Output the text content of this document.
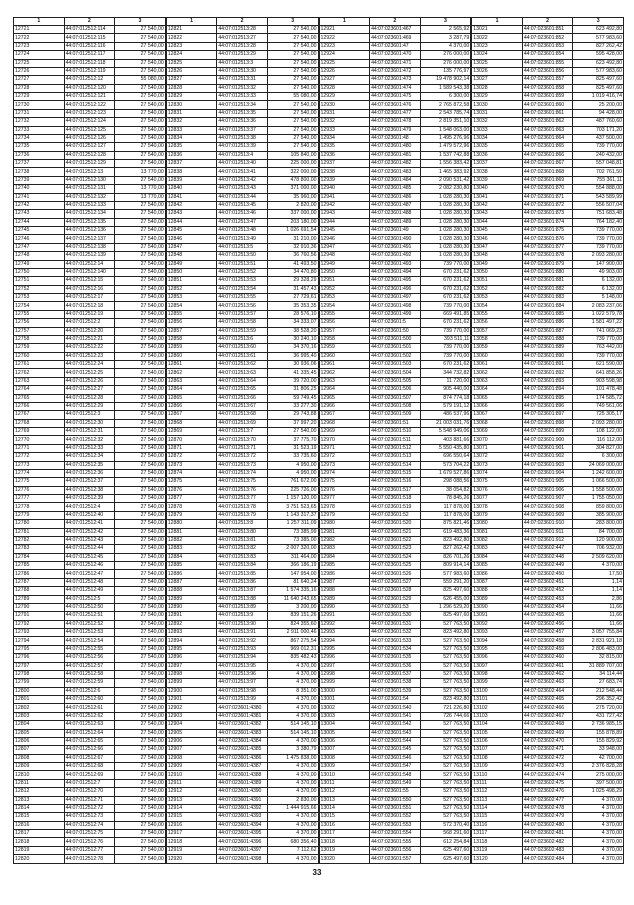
1	2	3
12721	44:07:012512:114	27 540,00
12722	44:07:012512:115	27 540,00
12723	44:07:012512:116	27 540,00
12724	44:07:012512:117	27 540,00
12725	44:07:012512:118	27 540,00
12726	44:07:012512:119	27 540,00
12727	44:07:012512:12	55 080,00
12728	44:07:012512:120	27 540,00
12729	44:07:012512:121	27 540,00
12730	44:07:012512:122	27 540,00
12731	44:07:012512:123	27 540,00
12732	44:07:012512:124	27 540,00
12733	44:07:012512:125	27 540,00
12734	44:07:012512:126	27 540,00
12735	44:07:012512:127	27 540,00
12736	44:07:012512:128	27 540,00
12737	44:07:012512:129	27 540,00
12738	44:07:012512:13	13 770,00
12739	44:07:012512:130	27 540,00
12740	44:07:012512:131	13 770,00
12741	44:07:012512:132	13 770,00
12742	44:07:012512:133	27 540,00
12743	44:07:012512:134	27 540,00
12744	44:07:012512:135	27 540,00
12745	44:07:012512:136	27 540,00
12746	44:07:012512:137	27 540,00
12747	44:07:012512:138	27 540,00
12748	44:07:012512:139	27 540,00
12749	44:07:012512:14	27 540,00
12750	44:07:012512:140	27 540,00
12751	44:07:012512:15	27 540,00
12752	44:07:012512:16	27 540,00
12753	44:07:012512:17	27 540,00
12754	44:07:012512:18	27 540,00
12755	44:07:012512:19	27 540,00
12756	44:07:012512:2	27 540,00
12757	44:07:012512:20	27 540,00
12758	44:07:012512:21	27 540,00
12759	44:07:012512:22	27 540,00
12760	44:07:012512:23	27 540,00
12761	44:07:012512:24	27 540,00
12762	44:07:012512:25	27 540,00
12763	44:07:012512:26	27 540,00
12764	44:07:012512:27	27 540,00
12765	44:07:012512:28	27 540,00
12766	44:07:012512:29	27 540,00
12767	44:07:012512:3	27 540,00
12768	44:07:012512:30	27 540,00
12769	44:07:012512:31	27 540,00
12770	44:07:012512:32	27 540,00
12771	44:07:012512:33	27 540,00
12772	44:07:012512:34	27 540,00
12773	44:07:012512:35	27 540,00
12774	44:07:012512:36	27 540,00
12775	44:07:012512:37	27 540,00
12776	44:07:012512:38	27 540,00
12777	44:07:012512:39	27 540,00
12778	44:07:012512:4	27 540,00
12779	44:07:012512:40	27 540,00
12780	44:07:012512:41	27 540,00
12781	44:07:012512:42	27 540,00
12782	44:07:012512:43	27 540,00
12783	44:07:012512:44	27 540,00
12784	44:07:012512:45	27 540,00
12785	44:07:012512:46	27 540,00
12786	44:07:012512:47	27 540,00
12787	44:07:012512:48	27 540,00
12788	44:07:012512:49	27 540,00
12789	44:07:012512:5	27 540,00
12790	44:07:012512:50	27 540,00
12791	44:07:012512:51	27 540,00
12792	44:07:012512:52	27 540,00
12793	44:07:012512:53	27 540,00
12794	44:07:012512:54	27 540,00
12795	44:07:012512:55	27 540,00
12796	44:07:012512:56	27 540,00
12797	44:07:012512:57	27 540,00
12798	44:07:012512:58	27 540,00
12799	44:07:012512:59	27 540,00
12800	44:07:012512:6	27 540,00
12801	44:07:012512:60	27 540,00
12802	44:07:012512:61	27 540,00
12803	44:07:012512:62	27 540,00
12804	44:07:012512:63	27 540,00
12805	44:07:012512:64	27 540,00
12806	44:07:012512:65	27 540,00
12807	44:07:012512:66	27 540,00
12808	44:07:012512:67	27 540,00
12809	44:07:012512:68	27 540,00
12810	44:07:012512:69	27 540,00
12811	44:07:012512:7	27 540,00
12812	44:07:012512:70	27 540,00
12813	44:07:012512:71	27 540,00
12814	44:07:012512:72	27 540,00
12815	44:07:012512:73	27 540,00
12816	44:07:012512:74	27 540,00
12817	44:07:012512:75	27 540,00
12818	44:07:012512:76	27 540,00
12819	44:07:012512:77	27 540,00
12820	44:07:012512:78	27 540,00
1	2	3
12821	44:07:012513:28	27 540,00
12822	44:07:012513:27	27 540,00
12823	44:07:012513:28	27 540,00
12824	44:07:012513:29	27 540,00
12825	44:07:012513:3	27 540,00
12826	44:07:012513:30	27 540,00
12827	44:07:012513:31	27 540,00
12828	44:07:012513:32	27 540,00
12829	44:07:012513:33	55 080,00
12830	44:07:012513:34	27 540,00
12831	44:07:012513:35	27 540,00
12832	44:07:012513:36	27 540,00
12833	44:07:012513:37	27 540,00
12834	44:07:012513:38	27 540,00
12835	44:07:012513:39	27 540,00
12836	44:07:012513:4	105 840,00
12837	44:07:012513:40	225 000,00
12838	44:07:012513:41	322 000,00
12839	44:07:012513:42	478 800,00
12840	44:07:012513:43	371 000,00
12841	44:07:012513:44	35 960,00
12842	44:07:012513:45	2 820,00
12843	44:07:012513:46	337 000,00
12844	44:07:012513:47	203 180,00
12845	44:07:012513:48	1 026 691,54
12846	44:07:012513:49	31 210,00
12847	44:07:012513:5	32 910,36
12848	44:07:012513:50	36 760,56
12849	44:07:012513:51	41 493,50
12850	44:07:012513:52	34 470,80
12851	44:07:012513:53	29 328,29
12852	44:07:012513:54	31 457,43
12853	44:07:012513:55	27 729,61
12854	44:07:012513:56	35 353,35
12855	44:07:012513:57	28 576,10
12856	44:07:012513:58	34 333,07
12857	44:07:012513:59	38 528,20
12858	44:07:012513:6	30 240,10
12859	44:07:012513:60	34 370,16
12860	44:07:012513:61	36 995,40
12861	44:07:012513:62	30 936,06
12862	44:07:012513:63	41 335,45
12863	44:07:012513:64	39 720,00
12864	44:07:012513:65	31 806,25
12865	44:07:012513:66	59 749,45
12866	44:07:012513:67	33 277,30
12867	44:07:012513:68	29 743,88
12868	44:07:012513:69	37 997,20
12869	44:07:012513:7	27 540,00
12870	44:07:012513:70	37 775,70
12871	44:07:012513:71	31 523,19
12872	44:07:012513:72	33 735,60
12873	44:07:012513:73	4 950,00
12874	44:07:012513:74	4 950,00
12875	44:07:012513:75	761 672,00
12876	44:07:012513:76	225 726,00
12877	44:07:012513:77	1 157 120,00
12878	44:07:012513:78	3 751 523,65
12879	44:07:012513:79	1 143 317,37
12880	44:07:012513:8	1 257 311,09
12881	44:07:012513:80	73 385,99
12882	44:07:012513:81	73 385,00
12883	44:07:012513:82	2 007 320,00
12884	44:07:012513:83	311 464,00
12885	44:07:012513:84	366 186,19
12886	44:07:012513:85	147 954,00
12887	44:07:012513:86	81 640,24
12888	44:07:012513:87	1 574 335,16
12889	44:07:012513:88	11 640 243,65
12890	44:07:012513:89	3 200,00
12891	44:07:012513:9	839 151,26
12892	44:07:012513:90	824 355,60
12893	44:07:012513:91	2 911 000,46
12894	44:07:012513:92	867 275,54
12895	44:07:012513:93	969 012,31
12896	44:07:012513:94	835 482,43
12897	44:07:012513:95	4 370,00
12898	44:07:012513:96	4 370,00
12899	44:07:012513:97	4 370,00
12900	44:07:012513:98	8 351,00
12901	44:07:012513:99	4 370,00
12902	44:07:023601:4380	4 370,00
12903	44:07:023601:4381	4 370,00
12904	44:07:023601:4382	514 145,10
12905	44:07:023601:4383	514 145,10
12906	44:07:023601:4384	4 370,00
12907	44:07:023601:4385	3 380,79
12908	44:07:023601:4386	1 475 838,00
12909	44:07:023601:4387	4 370,00
12910	44:07:023601:4388	4 370,00
12911	44:07:023601:4389	4 370,00
12912	44:07:023601:4390	4 370,00
12913	44:07:023601:4391	2 830,00
12914	44:07:023601:4392	1 444 915,66
12915	44:07:023601:4393	4 370,00
12916	44:07:023601:4394	4 370,00
12917	44:07:023601:4395	4 370,00
12918	44:07:023601:4396	680 356,40
12919	44:07:023601:4397	7 112,62
12920	44:07:023601:4398	4 370,00
1	2	3
12921	44:07:023601:467	2 565,92
12922	44:07:023601:469	3 287,79
12923	44:07:023601:47	4 370,00
12924	44:07:023601:470	276 000,00
12925	44:07:023601:471	276 000,00
12926	44:07:023601:472	135 776,97
12927	44:07:023601:473	19 478 902,14
12928	44:07:023601:474	1 589 543,38
12929	44:07:023601:475	6 300,00
12930	44:07:023601:476	2 765 872,58
12931	44:07:023601:477	2 543 785,74
12932	44:07:023601:478	2 819 351,10
12933	44:07:023601:479	1 548 063,00
12934	44:07:023601:48	1 495 276,96
12935	44:07:023601:480	1 479 572,96
12936	44:07:023601:481	1 537 742,88
12937	44:07:023601:482	1 556 383,42
12938	44:07:023601:483	1 465 383,92
12939	44:07:023601:484	2 090 531,42
12940	44:07:023601:485	2 082 230,80
12941	44:07:023601:486	1 028 280,30
12942	44:07:023601:487	1 028 280,30
12943	44:07:023601:488	1 028 280,30
12944	44:07:023601:489	1 028 280,30
12945	44:07:023601:49	1 028 280,30
12946	44:07:023601:490	1 028 280,30
12947	44:07:023601:491	1 028 280,30
12948	44:07:023601:492	1 028 280,30
12949	44:07:023601:493	739 770,00
12950	44:07:023601:494	670 231,62
12951	44:07:023601:495	670 231,62
12952	44:07:023601:496	670 231,62
12953	44:07:023601:497	670 231,62
12954	44:07:023601:498	739 770,00
12955	44:07:023601:499	669 491,85
12956	44:07:023601:5	670 231,62
12957	44:07:023601:50	739 770,00
12958	44:07:023601:500	393 511,11
12959	44:07:023601:501	739 770,00
12960	44:07:023601:502	739 770,00
12961	44:07:023601:503	670 231,62
12962	44:07:023601:504	344 732,82
12963	44:07:023601:505	11 720,00
12964	44:07:023601:506	905 440,00
12965	44:07:023601:507	874 774,18
12966	44:07:023601:508	579 191,12
12967	44:07:023601:509	486 537,96
12968	44:07:023601:51	21 003 031,76
12969	44:07:023601:510	5 548 949,06
12970	44:07:023601:511	403 881,66
12971	44:07:023601:512	5 550 435,80
12972	44:07:023601:513	696 550,64
12973	44:07:023601:514	573 704,22
12974	44:07:023601:515	1 679 527,86
12975	44:07:023601:516	298 088,56
12976	44:07:023601:517	38 054,82
12977	44:07:023601:518	78 845,26
12978	44:07:023601:519	117 878,00
12979	44:07:023601:52	117 878,00
12980	44:07:023601:520	875 821,46
12981	44:07:023601:521	619 483,36
12982	44:07:023601:522	823 492,80
12983	44:07:023601:523	827 262,42
12984	44:07:023601:524	826 701,26
12985	44:07:023601:525	809 914,14
12986	44:07:023601:526	577 983,60
12987	44:07:023601:527	559 291,20
12988	44:07:023601:528	825 497,60
12989	44:07:023601:529	626 455,00
12990	44:07:023601:53	1 296 529,20
12991	44:07:023601:530	825 497,60
12992	44:07:023601:531	527 763,50
12993	44:07:023601:532	823 492,80
12994	44:07:023601:533	527 763,50
12995	44:07:023601:534	527 763,50
12996	44:07:023601:535	527 763,50
12997	44:07:023601:536	527 763,50
12998	44:07:023601:537	527 763,50
12999	44:07:023601:538	527 763,50
13000	44:07:023601:539	527 763,50
13001	44:07:023601:54	823 492,80
13002	44:07:023601:540	721 226,80
13003	44:07:023601:541	726 744,66
13004	44:07:023601:542	527 763,50
13005	44:07:023601:543	527 763,50
13006	44:07:023601:544	527 763,50
13007	44:07:023601:545	527 763,50
13008	44:07:023601:546	527 763,50
13009	44:07:023601:547	527 763,50
13010	44:07:023601:548	527 763,50
13011	44:07:023601:549	527 763,50
13012	44:07:023601:55	527 763,50
13013	44:07:023601:550	527 763,50
13014	44:07:023601:551	527 763,50
13015	44:07:023601:552	527 763,50
13016	44:07:023601:553	572 370,40
13017	44:07:023601:554	568 291,60
13018	44:07:023601:555	612 254,84
13019	44:07:023601:556	625 497,60
13020	44:07:023601:557	625 497,60
1	2	3
13021	44:07:023601:851	623 492,80
13022	44:07:023601:852	577 983,60
13023	44:07:023601:853	827 262,42
13024	44:07:023601:854	595 428,00
13025	44:07:023601:855	623 492,80
13026	44:07:023601:856	577 983,60
13027	44:07:023601:857	825 497,60
13028	44:07:023601:858	825 497,60
13029	44:07:023601:859	1 019 416,74
13030	44:07:023601:860	25 200,00
13031	44:07:023601:861	94 428,00
13032	44:07:023601:862	487 760,60
13033	44:07:023601:863	703 171,20
13034	44:07:023601:864	437 500,00
13035	44:07:023601:865	739 770,00
13036	44:07:023601:866	240 432,00
13037	44:07:023601:867	557 048,81
13038	44:07:023601:868	702 761,50
13039	44:07:023601:869	755 361,11
13040	44:07:023601:870	554 888,00
13041	44:07:023601:871	543 589,99
13042	44:07:023601:872	556 507,04
13043	44:07:023601:873	751 683,48
13044	44:07:023601:874	764 182,40
13045	44:07:023601:875	739 770,00
13046	44:07:023601:876	739 770,00
13047	44:07:023601:877	739 770,00
13048	44:07:023601:878	2 093 280,00
13049	44:07:023601:879	147 900,00
13050	44:07:023601:880	49 903,00
13051	44:07:023601:881	6 132,00
13052	44:07:023601:882	6 132,00
13053	44:07:023601:883	5 148,00
13054	44:07:023601:884	2 083 237,06
13055	44:07:023601:885	1 022 579,78
13056	44:07:023601:886	1 581 497,22
13057	44:07:023601:887	741 069,23
13058	44:07:023601:888	739 770,00
13059	44:07:023601:889	763 442,00
13060	44:07:023601:890	739 770,00
13061	44:07:023601:891	621 590,00
13062	44:07:023601:892	641 858,26
13063	44:07:023601:893	903 598,98
13064	44:07:023601:894	101 478,48
13065	44:07:023601:895	174 585,72
13066	44:07:023601:896	749 561,06
13067	44:07:023601:897	725 305,17
13068	44:07:023601:898	2 093 280,00
13069	44:07:023601:899	108 122,00
13070	44:07:023601:900	116 112,00
13071	44:07:023601:901	304 827,00
13072	44:07:023601:902	6 300,00
13073	44:07:023601:903	24 069 000,00
13074	44:07:023601:904	1 242 600,00
13075	44:07:023601:905	1 066 500,00
13076	44:07:023601:906	1 558 500,00
13077	44:07:023601:907	1 755 050,00
13078	44:07:023601:908	859 800,00
13079	44:07:023601:909	385 900,00
13080	44:07:023601:910	283 800,00
13081	44:07:023601:911	84 700,00
13082	44:07:023601:912	120 900,00
13083	44:07:023602:447	706 932,00
13084	44:07:023602:448	2 509 620,00
13085	44:07:023602:449	4 370,00
13086	44:07:023602:450	17,50
13087	44:07:023602:451	1,14
13088	44:07:023602:452	1,14
13089	44:07:023602:453	2,86
13090	44:07:023602:454	11,66
13091	44:07:023602:455	11,66
13092	44:07:023602:456	11,66
13093	44:07:023602:457	3 057 755,84
13094	44:07:023602:458	2 831 921,18
13095	44:07:023602:459	2 806 483,00
13096	44:07:023602:460	32 815,00
13097	44:07:023602:461	31 889 707,00
13098	44:07:023602:462	34 114,44
13099	44:07:023602:463	27 683,74
13100	44:07:023602:464	212 548,44
13101	44:07:023602:465	296 352,42
13102	44:07:023602:466	275 720,00
13103	44:07:023602:467	431 727,42
13104	44:07:023602:468	2 736 985,15
13105	44:07:023602:469	155 878,89
13106	44:07:023602:470	155 829,92
13107	44:07:023602:471	33 948,00
13108	44:07:023602:472	42 700,00
13109	44:07:023602:473	2 376 828,28
13110	44:07:023602:474	275 000,00
13111	44:07:023602:475	397 500,00
13112	44:07:023602:476	1 025 498,29
13113	44:07:023602:477	4 370,00
13114	44:07:023602:478	4 370,00
13115	44:07:023602:479	4 370,00
13116	44:07:023602:480	4 370,00
13117	44:07:023602:481	4 370,00
13118	44:07:023602:482	4 370,00
13119	44:07:023602:483	4 370,00
13120	44:07:023602:484	4 370,00
33
